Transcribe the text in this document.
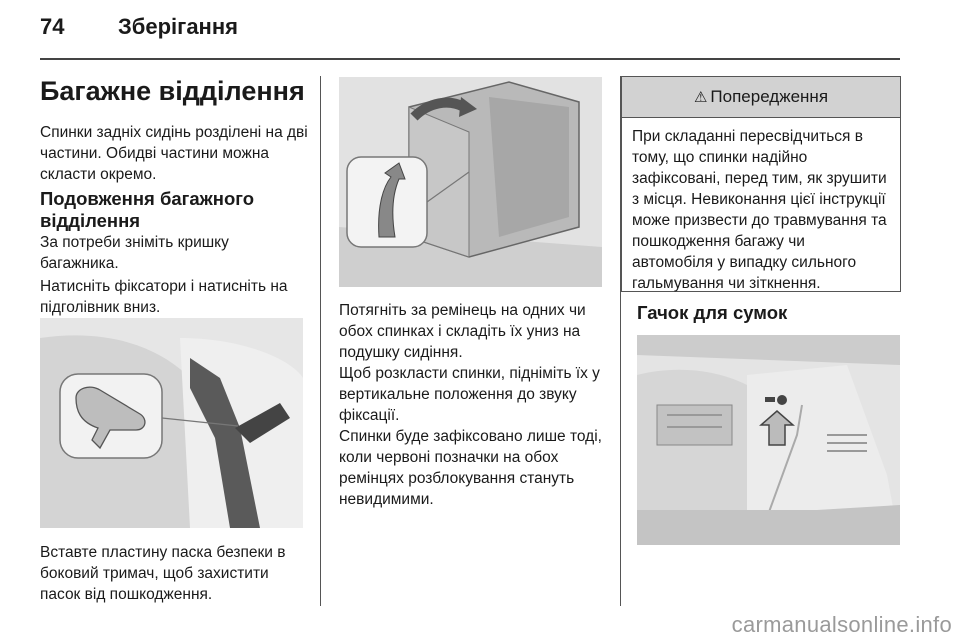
74 Зберігання
Багажне відділення

Спинки задніх сидінь розділені на дві частини. Обидві частини можна скласти окремо.

Подовження багажного відділення

За потреби зніміть кришку багажника.

Натисніть фіксатори і натисніть на підголівник вниз.

Вставте пластину паска безпеки в боковий тримач, щоб захистити пасок від пошкодження.

Потягніть за ремінець на одних чи обох спинках і складіть їх униз на подушку сидіння.

Щоб розкласти спинки, підніміть їх у вертикальне положення до звуку фіксації.

Спинки буде зафіксовано лише тоді, коли червоні позначки на обох ремінцях розблокування стануть невидимими.

⚠ Попередження
При складанні пересвідчиться в тому, що спинки надійно зафіксовані, перед тим, як зрушити з місця. Невиконання цієї інструкції може призвести до травмування та пошкодження багажу чи автомобіля у випадку сильного гальмування чи зіткнення.
Гачок для сумок
carmanualsonline.info
